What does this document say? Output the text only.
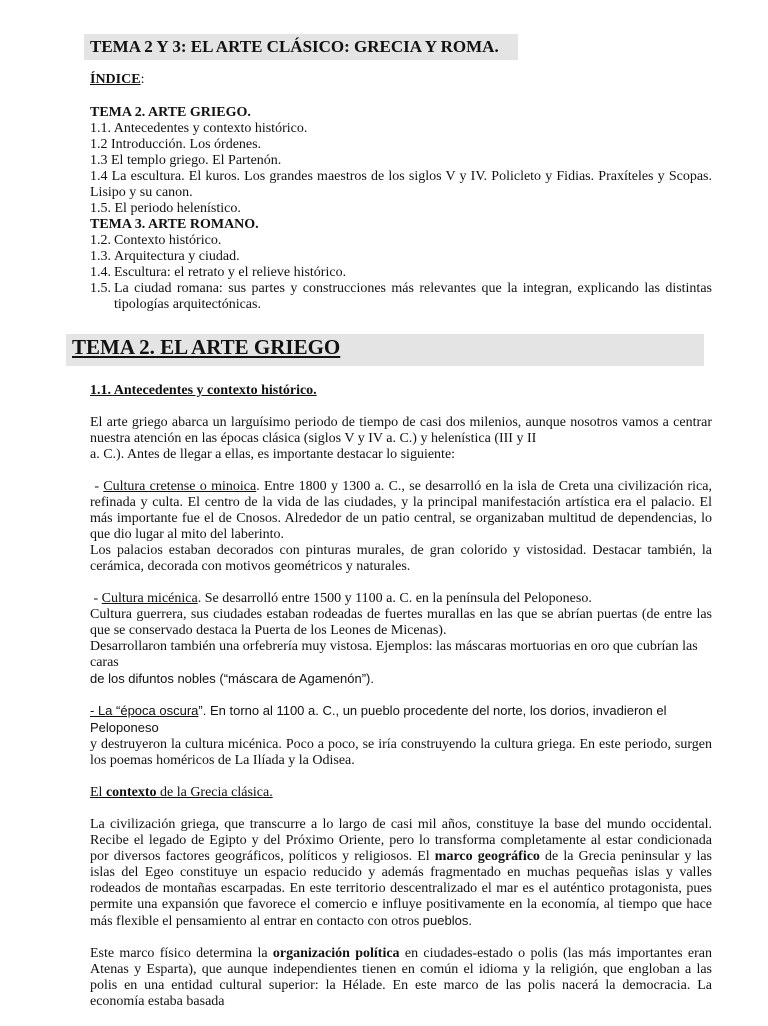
TEMA 2 Y 3: EL ARTE CLÁSICO: GRECIA Y ROMA.

ÍNDICE:

TEMA 2. ARTE GRIEGO.
1.1. Antecedentes y contexto histórico.
1.2 Introducción. Los órdenes.
1.3 El templo griego. El Partenón.
1.4 La escultura. El kuros. Los grandes maestros de los siglos V y IV. Policleto y Fidias. Praxíteles y Scopas. Lisipo y su canon.
1.5. El periodo helenístico.
TEMA 3. ARTE ROMANO.
1.2. Contexto histórico.
1.3. Arquitectura y ciudad.
1.4. Escultura: el retrato y el relieve histórico.
1.5. La ciudad romana: sus partes y construcciones más relevantes que la integran, explicando las distintas tipologías arquitectónicas.
TEMA 2. EL ARTE GRIEGO
1.1. Antecedentes y contexto histórico.
El arte griego abarca un larguísimo periodo de tiempo de casi dos milenios, aunque nosotros vamos a centrar
nuestra atención en las épocas clásica (siglos V y IV a. C.) y helenística (III y II
a. C.). Antes de llegar a ellas, es importante destacar lo siguiente:

- Cultura cretense o minoica. Entre 1800 y 1300 a. C., se desarrolló en la isla de Creta una civilización rica, refinada y culta. El centro de la vida de las ciudades, y la principal manifestación artística era el palacio. El más importante fue el de Cnosos. Alrededor de un patio central, se organizaban multitud de dependencias, lo que dio lugar al mito del laberinto.

Los palacios estaban decorados con pinturas murales, de gran colorido y vistosidad. Destacar también, la cerámica, decorada con motivos geométricos y naturales.

- Cultura micénica. Se desarrolló entre 1500 y 1100 a. C. en la península del Peloponeso.
Cultura guerrera, sus ciudades estaban rodeadas de fuertes murallas en las que se abrían puertas (de entre las que se conservado destaca la Puerta de los Leones de Micenas).
Desarrollaron también una orfebrería muy vistosa. Ejemplos: las máscaras mortuorias en oro que cubrían las caras
de los difuntos nobles (“máscara de Agamenón”).
- La “época oscura”. En torno al 1100 a. C., un pueblo procedente del norte, los dorios, invadieron el Peloponeso
y destruyeron la cultura micénica. Poco a poco, se iría construyendo la cultura griega. En este periodo, surgen los poemas homéricos de La Ilíada y la Odisea.

El contexto de la Grecia clásica.

La civilización griega, que transcurre a lo largo de casi mil años, constituye la base del mundo occidental. Recibe el legado de Egipto y del Próximo Oriente, pero lo transforma completamente al estar condicionada por diversos factores geográficos, políticos y religiosos. El marco geográfico de la Grecia peninsular y las islas del Egeo constituye un espacio reducido y además fragmentado en muchas pequeñas islas y valles rodeados de montañas escarpadas. En este territorio descentralizado el mar es el auténtico protagonista, pues permite una expansión que favorece el comercio e influye positivamente en la economía, al tiempo que hace más flexible el pensamiento al entrar en contacto con otros pueblos.

Este marco físico determina la organización política en ciudades-estado o polis (las más importantes eran Atenas y Esparta), que aunque independientes tienen en común el idioma y la religión, que engloban a las polis en una entidad cultural superior: la Hélade. En este marco de las polis nacerá la democracia. La economía estaba basada
